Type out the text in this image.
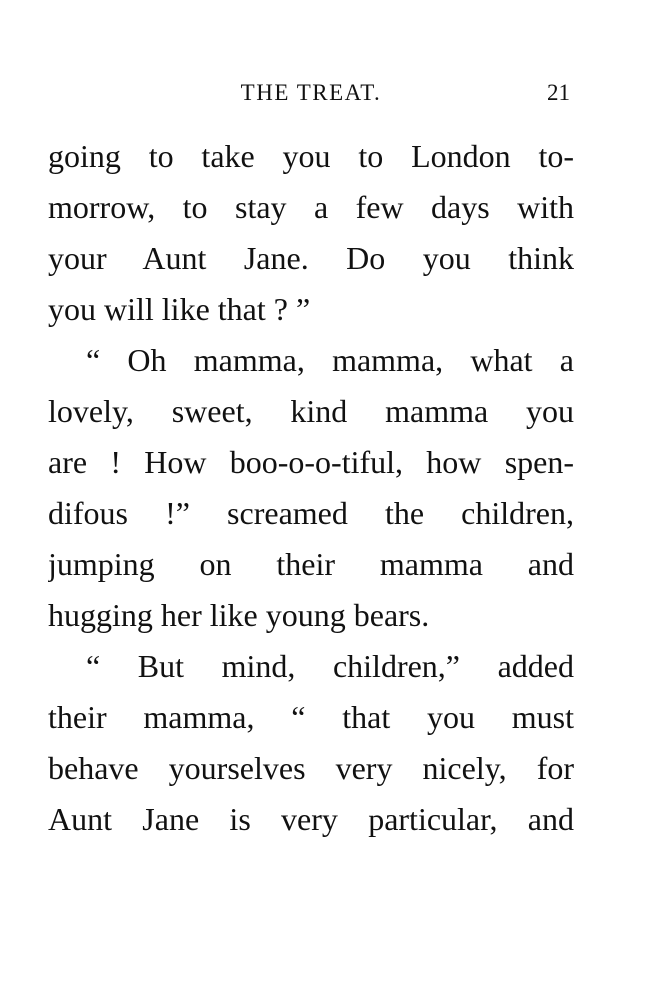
THE TREAT.	21
going to take you to London to-
morrow, to stay a few days with
your Aunt Jane. Do you think
you will like that ? ”
“ Oh mamma, mamma, what a
lovely, sweet, kind mamma you
are ! How boo-o-o-tiful, how spen-
difous !” screamed the children,
jumping on their mamma and
hugging her like young bears.
“ But mind, children,” added
their mamma, “ that you must
behave yourselves very nicely, for
Aunt Jane is very particular, and
